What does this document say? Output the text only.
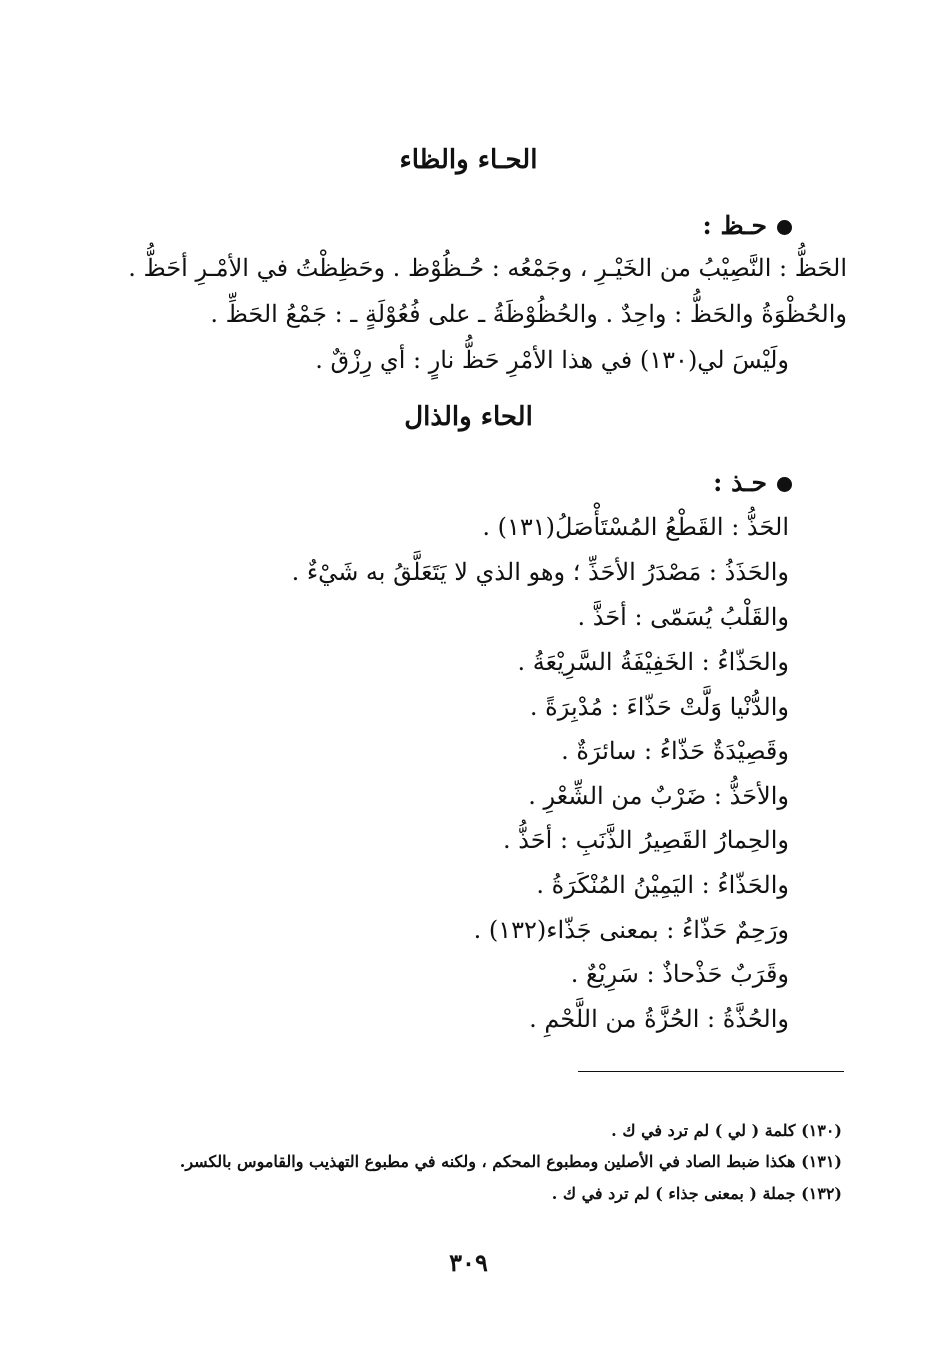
الحـاء والظاء
حـظ :
الحَظُّ : النَّصِيْبُ من الخَيْـرِ ، وجَمْعُه : حُـظُوْظ . وحَظِظْتُ في الأمْـرِ أحَظُّ .
والحُظْوَةُ والحَظُّ : واحِدٌ . والحُظُوْظَةُ ـ على فُعُوْلَةٍ ـ : جَمْعُ الحَظِّ .
ولَيْسَ لي(١٣٠) في هذا الأمْرِ حَظُّ نارٍ : أي رِزْقٌ .
الحاء والذال
حـذ :
الحَذُّ : القَطْعُ المُسْتَأْصَلُ(١٣١) .
والحَذَذُ : مَصْدَرُ الأحَذِّ ؛ وهو الذي لا يَتَعَلَّقُ به شَيْءٌ .
والقَلْبُ يُسَمّى : أحَذَّ .
والحَذّاءُ : الخَفِيْفَةُ السَّرِيْعَةُ .
والدُّنْيا وَلَّتْ حَذّاءَ : مُدْبِرَةً .
وقَصِيْدَةٌ حَذّاءُ : سائرَةٌ .
والأحَذُّ : ضَرْبٌ من الشِّعْرِ .
والحِمارُ القَصِيرُ الذَّنَبِ : أحَذُّ .
والحَذّاءُ : اليَمِيْنُ المُنْكَرَةُ .
ورَحِمٌ حَذّاءُ : بمعنى جَذّاء(١٣٢) .
وقَرَبٌ حَذْحاذٌ : سَرِيْعٌ .
والحُذَّةُ : الحُزَّةُ من اللَّحْمِ .
(١٣٠) كلمة ( لي ) لم ترد في ك .
(١٣١) هكذا ضبط الصاد في الأصلين ومطبوع المحكم ، ولكنه في مطبوع التهذيب والقاموس بالكسر.
(١٣٢) جملة ( بمعنى جذاء ) لم ترد في ك .
٣٠٩
